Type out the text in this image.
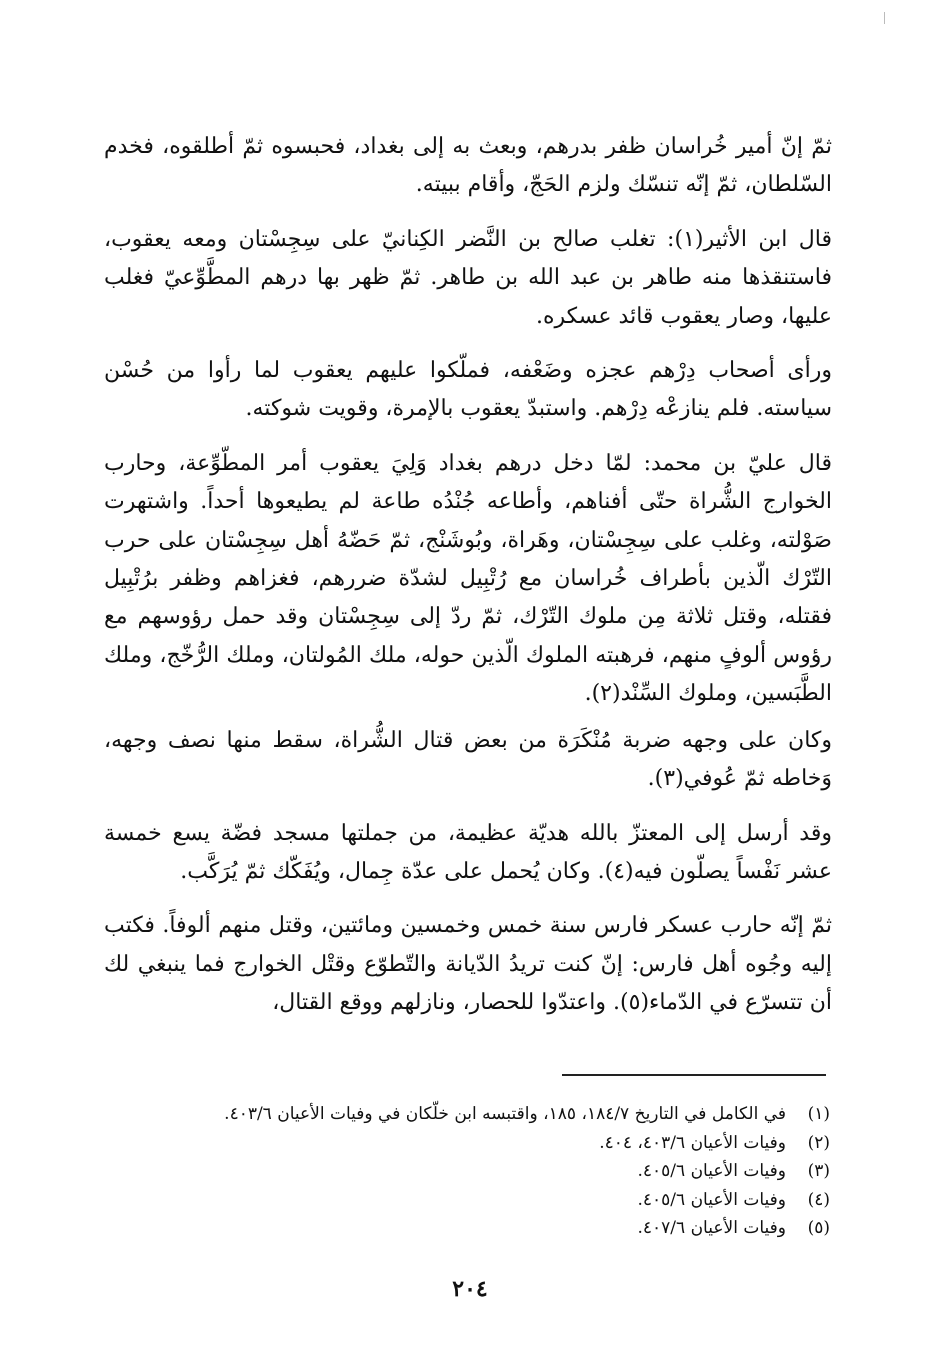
ثمّ إنّ أمير خُراسان ظفر بدرهم، وبعث به إلى بغداد، فحبسوه ثمّ أطلقوه، فخدم السّلطان، ثمّ إنّه تنسّك ولزم الحَجّ، وأقام ببيته.

قال ابن الأثير(١): تغلب صالح بن النَّضر الكِنانيّ على سِجِسْتان ومعه يعقوب، فاستنقذها منه طاهر بن عبد الله بن طاهر. ثمّ ظهر بها درهم المطَّوِّعيّ فغلب عليها، وصار يعقوب قائد عسكره.

ورأى أصحاب دِرْهم عجزه وضَعْفه، فملّكوا عليهم يعقوب لما رأوا من حُسْن سياسته. فلم ينازعْه دِرْهم. واستبدّ يعقوب بالإمرة، وقويت شوكته.

قال عليّ بن محمد: لمّا دخل درهم بغداد وَلِيَ يعقوب أمر المطّوِّعة، وحارب الخوارج الشُّراة حتّى أفناهم، وأطاعه جُنْدُه طاعة لم يطيعوها أحداً. واشتهرت صَوْلته، وغلب على سِجِسْتان، وهَراة، وبُوشَنْج، ثمّ حَضّهُ أهل سِجِسْتان على حرب التّرْك الّذين بأطراف خُراسان مع رُتْبِيل لشدّة ضررهم، فغزاهم وظفر برُتْبِيل فقتله، وقتل ثلاثة مِن ملوك التّرْك، ثمّ ردّ إلى سِجِسْتان وقد حمل رؤوسهم مع رؤوس ألوفٍ منهم، فرهبته الملوك الّذين حوله، ملك المُولتان، وملك الرُّخّج، وملك الطَّبَسين، وملوك السِّنْد(٢).

وكان على وجهه ضربة مُنْكَرَة من بعض قتال الشُّراة، سقط منها نصف وجهه، وَخاطه ثمّ عُوفي(٣).

وقد أرسل إلى المعتزّ بالله هديّة عظيمة، من جملتها مسجد فضّة يسع خمسة عشر نَفْساً يصلّون فيه(٤). وكان يُحمل على عدّة جِمال، ويُفَكّك ثمّ يُرَكَّب.

ثمّ إنّه حارب عسكر فارس سنة خمس وخمسين ومائتين، وقتل منهم ألوفاً. فكتب إليه وجُوه أهل فارس: إنّ كنت تريدُ الدّيانة والتّطوّع وقتْل الخوارج فما ينبغي لك أن تتسرّع في الدّماء(٥). واعتدّوا للحصار، ونازلهم ووقع القتال،

(١)
في الكامل في التاريخ ١٨٤/٧، ١٨٥، واقتبسه ابن خلّكان في وفيات الأعيان ٤٠٣/٦.
(٢)
وفيات الأعيان ٤٠٣/٦، ٤٠٤.
(٣)
وفيات الأعيان ٤٠٥/٦.
(٤)
وفيات الأعيان ٤٠٥/٦.
(٥)
وفيات الأعيان ٤٠٧/٦.
٢٠٤
